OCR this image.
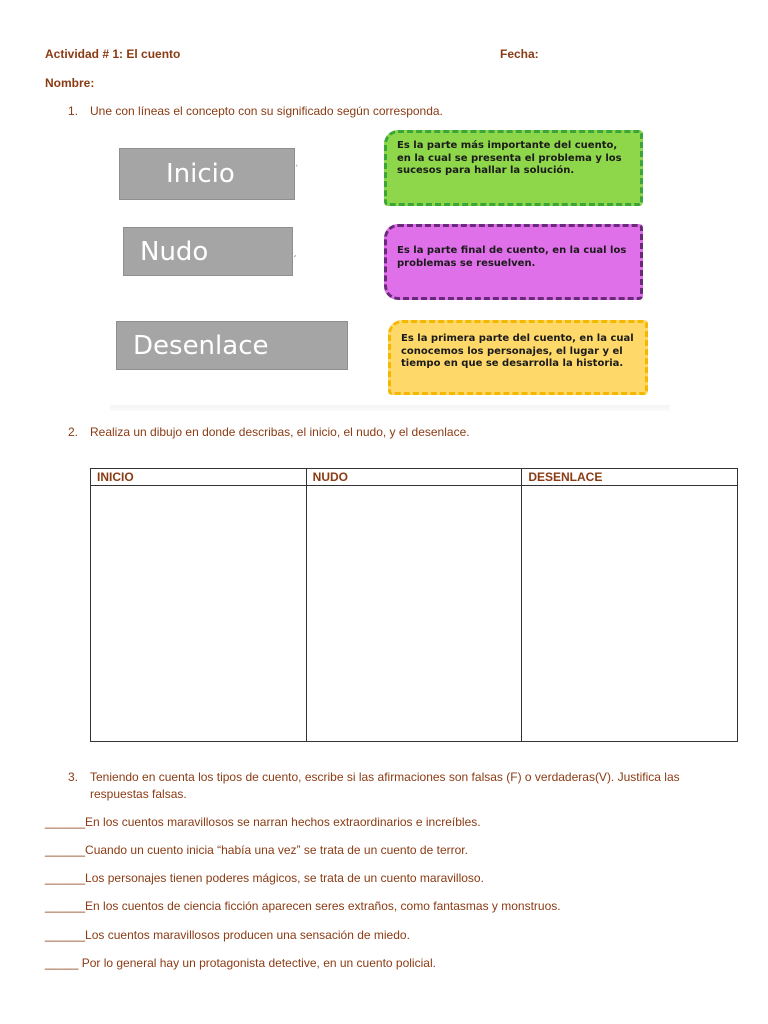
Actividad # 1: El cuento	Fecha:
Nombre:
1. Une con líneas el concepto con su significado según corresponda.
Inicio	ˈ
Nudo	ˏ
Desenlace
Es la parte más importante del cuento, en la cual se presenta el problema y los sucesos para hallar la solución.
Es la parte final de cuento, en la cual los problemas se resuelven.
Es la primera parte del cuento, en la cual conocemos los personajes, el lugar y el tiempo en que se desarrolla la historia.
2. Realiza un dibujo en donde describas, el inicio, el nudo, y el desenlace.
INICIO	NUDO	DESENLACE

3. Teniendo en cuenta los tipos de cuento, escribe si las afirmaciones son falsas (F) o verdaderas(V). Justifica las respuestas falsas.
______En los cuentos maravillosos se narran hechos extraordinarios e increíbles.
______Cuando un cuento inicia “había una vez” se trata de un cuento de terror.
______Los personajes tienen poderes mágicos, se trata de un cuento maravilloso.
______En los cuentos de ciencia ficción aparecen seres extraños, como fantasmas y monstruos.
______Los cuentos maravillosos producen una sensación de miedo.
_____ Por lo general hay un protagonista detective, en un cuento policial.
